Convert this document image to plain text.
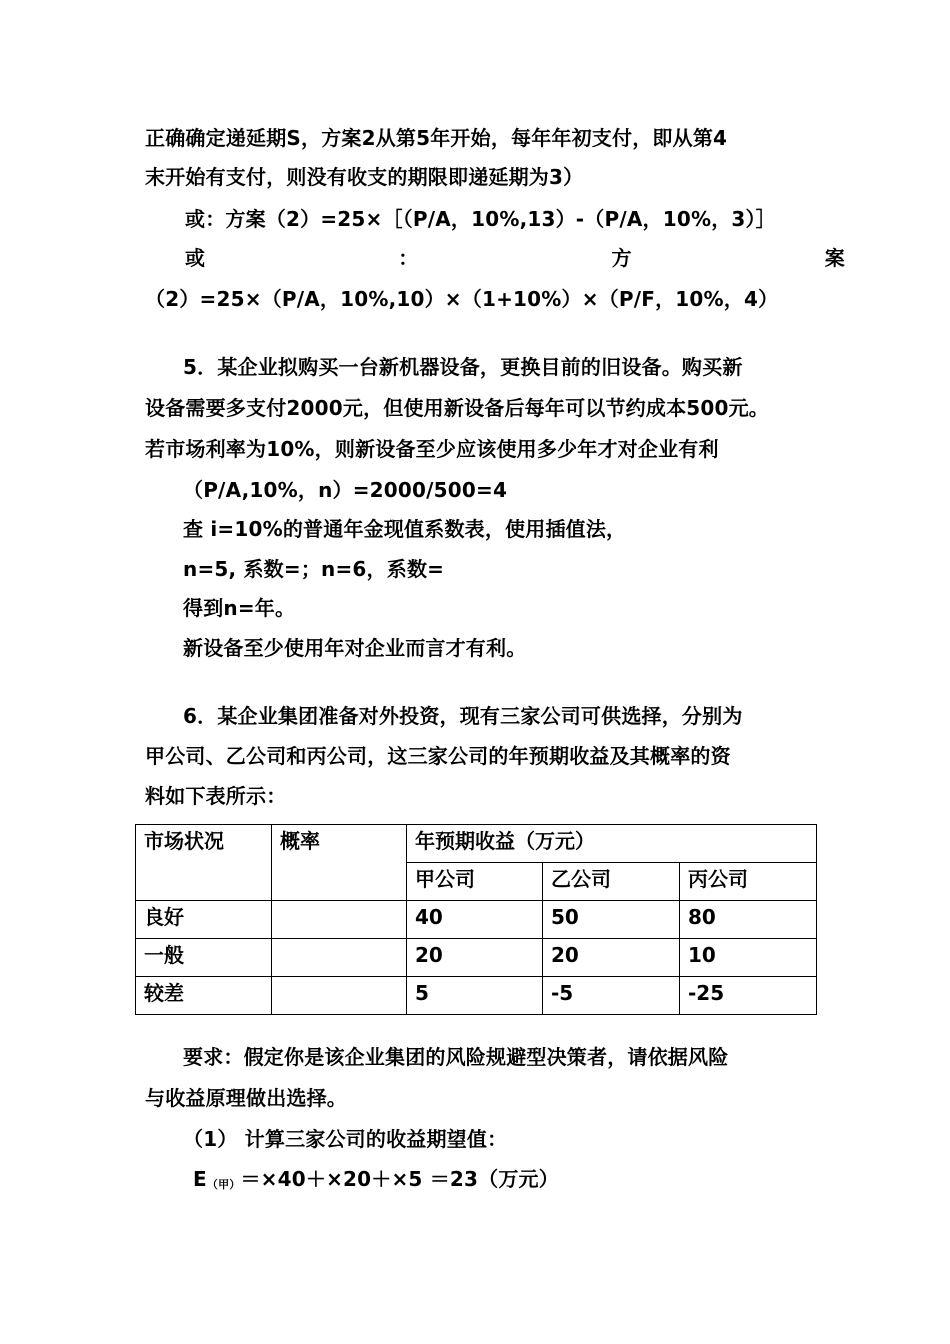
正确确定递延期S，方案2从第5年开始，每年年初支付，即从第4
末开始有支付，则没有收支的期限即递延期为3）
或：方案（2）=25×［（P/A，10%,13）-（P/A，10%，3）］
或	：	方	案
（2）=25×（P/A，10%,10）×（1+10%）×（P/F，10%，4）
5．某企业拟购买一台新机器设备，更换目前的旧设备。购买新
设备需要多支付2000元，但使用新设备后每年可以节约成本500元。
若市场利率为10%，则新设备至少应该使用多少年才对企业有利
（P/A,10%，n）=2000/500=4
查 i=10%的普通年金现值系数表，使用插值法，
n=5, 系数=；n=6，系数=
得到n=年。
新设备至少使用年对企业而言才有利。
6．某企业集团准备对外投资，现有三家公司可供选择，分别为
甲公司、乙公司和丙公司，这三家公司的年预期收益及其概率的资
料如下表所示：
市场状况	概率	年预期收益（万元）		
		甲公司	乙公司	丙公司
良好		40	50	80
一般		20	20	10
较差		5	-5	-25
要求：假定你是该企业集团的风险规避型决策者，请依据风险
与收益原理做出选择。
（1） 计算三家公司的收益期望值：
E（甲）＝×40＋×20＋×5 ＝23（万元）
